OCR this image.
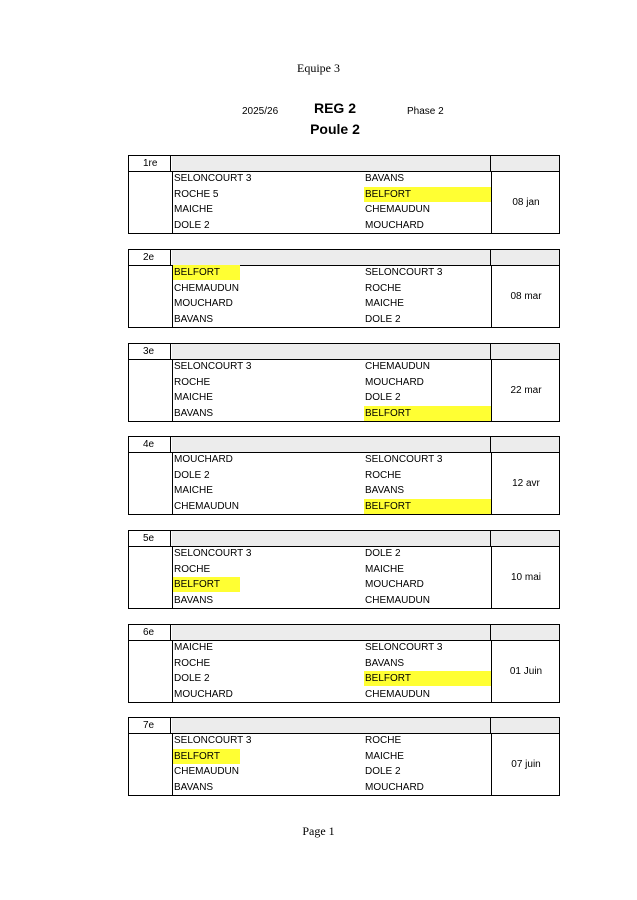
Equipe 3
2025/26	REG 2	Phase 2
Poule 2
1re
SELONCOURT 3	BAVANS
ROCHE 5	BELFORT
MAICHE	CHEMAUDUN
DOLE 2	MOUCHARD
08 jan
2e
BELFORT	SELONCOURT 3
CHEMAUDUN	ROCHE
MOUCHARD	MAICHE
BAVANS	DOLE 2
08 mar
3e
SELONCOURT 3	CHEMAUDUN
ROCHE	MOUCHARD
MAICHE	DOLE 2
BAVANS	BELFORT
22 mar
4e
MOUCHARD	SELONCOURT 3
DOLE 2	ROCHE
MAICHE	BAVANS
CHEMAUDUN	BELFORT
12 avr
5e
SELONCOURT 3	DOLE 2
ROCHE	MAICHE
BELFORT	MOUCHARD
BAVANS	CHEMAUDUN
10 mai
6e
MAICHE	SELONCOURT 3
ROCHE	BAVANS
DOLE 2	BELFORT
MOUCHARD	CHEMAUDUN
01 Juin
7e
SELONCOURT 3	ROCHE
BELFORT	MAICHE
CHEMAUDUN	DOLE 2
BAVANS	MOUCHARD
07 juin
Page 1
